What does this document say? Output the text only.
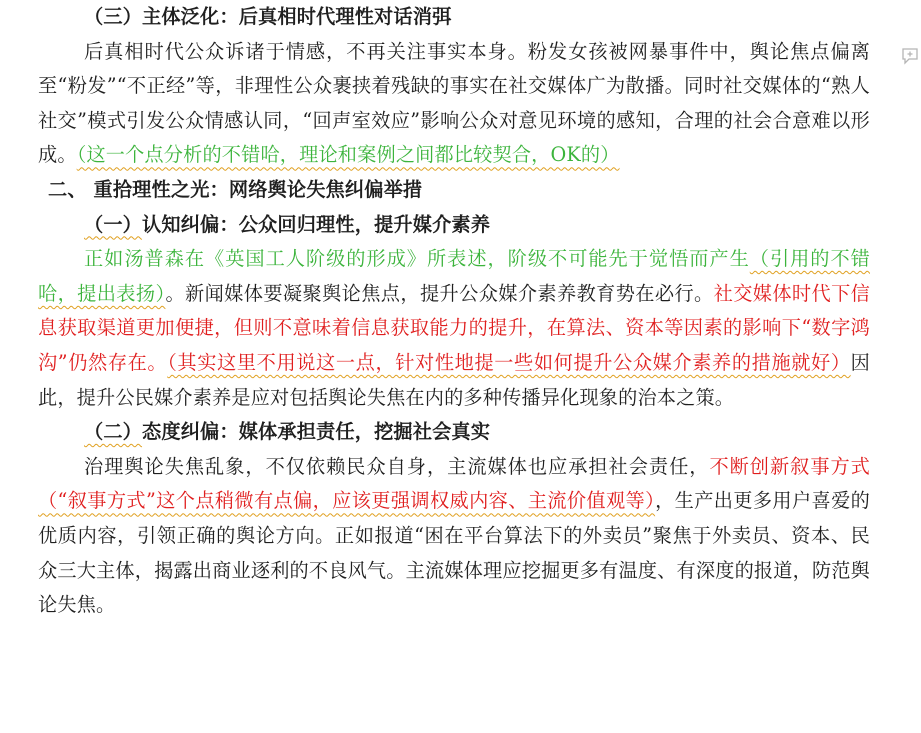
（三）主体泛化：后真相时代理性对话消弭

后真相时代公众诉诸于情感，不再关注事实本身。粉发女孩被网暴事件中，舆论焦点偏离至“粉发”“不正经”等，非理性公众裹挟着残缺的事实在社交媒体广为散播。同时社交媒体的“熟人社交”模式引发公众情感认同，“回声室效应”影响公众对意见环境的感知，合理的社会合意难以形成。（这一个点分析的不错哈，理论和案例之间都比较契合，OK的）

二、 重拾理性之光：网络舆论失焦纠偏举措

（一）认知纠偏：公众回归理性，提升媒介素养

正如汤普森在《英国工人阶级的形成》所表述，阶级不可能先于觉悟而产生（引用的不错哈，提出表扬）。新闻媒体要凝聚舆论焦点，提升公众媒介素养教育势在必行。社交媒体时代下信息获取渠道更加便捷，但则不意味着信息获取能力的提升，在算法、资本等因素的影响下“数字鸿沟”仍然存在。（其实这里不用说这一点，针对性地提一些如何提升公众媒介素养的措施就好）因此，提升公民媒介素养是应对包括舆论失焦在内的多种传播异化现象的治本之策。

（二）态度纠偏：媒体承担责任，挖掘社会真实

治理舆论失焦乱象，不仅依赖民众自身，主流媒体也应承担社会责任，不断创新叙事方式（“叙事方式”这个点稍微有点偏，应该更强调权威内容、主流价值观等），生产出更多用户喜爱的优质内容，引领正确的舆论方向。正如报道“困在平台算法下的外卖员”聚焦于外卖员、资本、民众三大主体，揭露出商业逐利的不良风气。主流媒体理应挖掘更多有温度、有深度的报道，防范舆论失焦。
